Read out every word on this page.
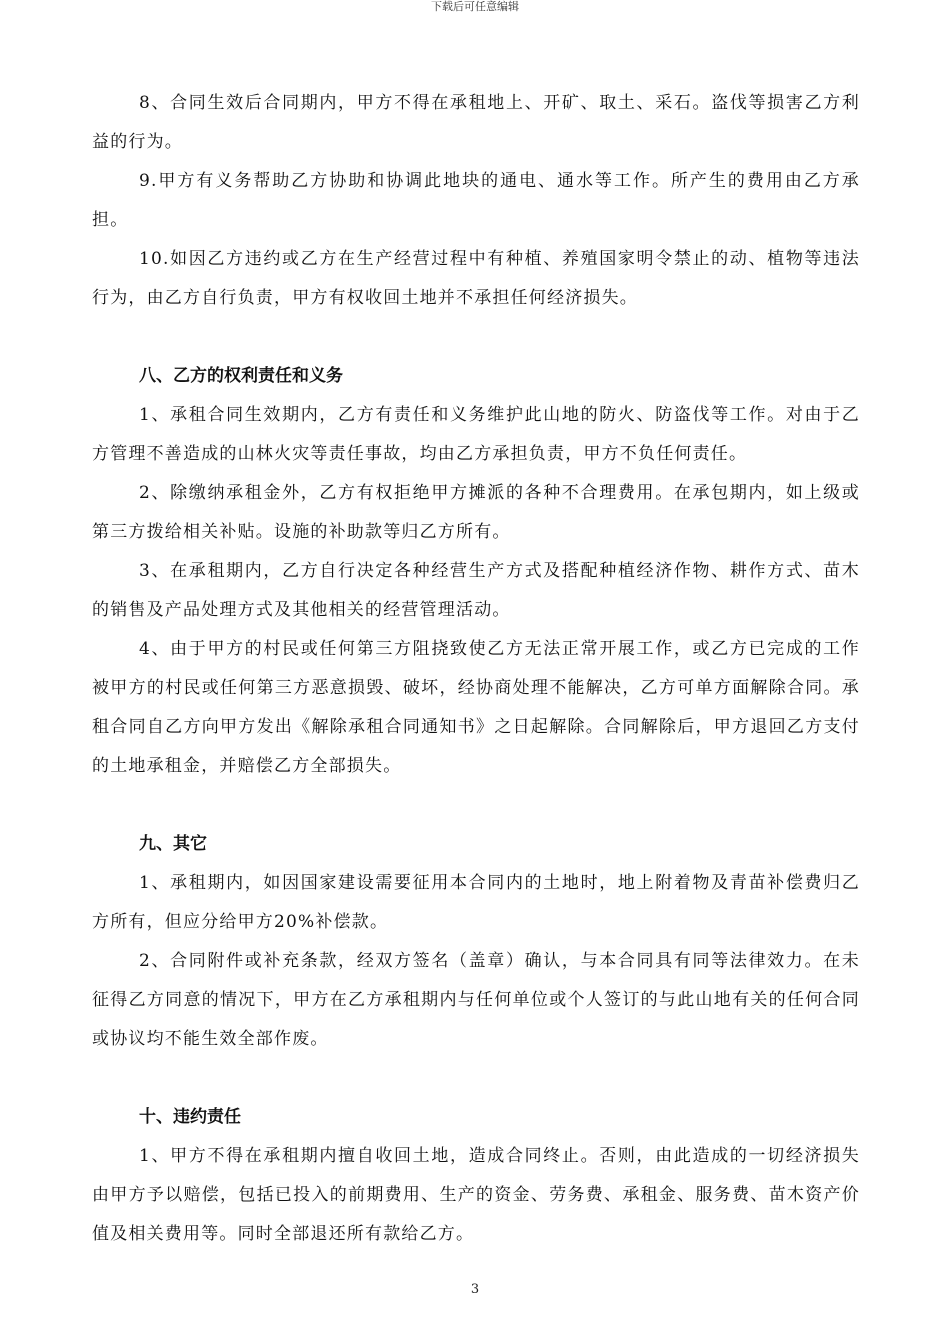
下载后可任意编辑

8、合同生效后合同期内，甲方不得在承租地上、开矿、取土、采石。盗伐等损害乙方利益的行为。

9.甲方有义务帮助乙方协助和协调此地块的通电、通水等工作。所产生的费用由乙方承担。

10.如因乙方违约或乙方在生产经营过程中有种植、养殖国家明令禁止的动、植物等违法行为，由乙方自行负责，甲方有权收回土地并不承担任何经济损失。

八、乙方的权利责任和义务

1、承租合同生效期内，乙方有责任和义务维护此山地的防火、防盗伐等工作。对由于乙方管理不善造成的山林火灾等责任事故，均由乙方承担负责，甲方不负任何责任。

2、除缴纳承租金外，乙方有权拒绝甲方摊派的各种不合理费用。在承包期内，如上级或第三方拨给相关补贴。设施的补助款等归乙方所有。

3、在承租期内，乙方自行决定各种经营生产方式及搭配种植经济作物、耕作方式、苗木的销售及产品处理方式及其他相关的经营管理活动。

4、由于甲方的村民或任何第三方阻挠致使乙方无法正常开展工作，或乙方已完成的工作被甲方的村民或任何第三方恶意损毁、破坏，经协商处理不能解决，乙方可单方面解除合同。承租合同自乙方向甲方发出《解除承租合同通知书》之日起解除。合同解除后，甲方退回乙方支付的土地承租金，并赔偿乙方全部损失。

九、其它

1、承租期内，如因国家建设需要征用本合同内的土地时，地上附着物及青苗补偿费归乙方所有，但应分给甲方20%补偿款。

2、合同附件或补充条款，经双方签名（盖章）确认，与本合同具有同等法律效力。在未征得乙方同意的情况下，甲方在乙方承租期内与任何单位或个人签订的与此山地有关的任何合同或协议均不能生效全部作废。

十、违约责任

1、甲方不得在承租期内擅自收回土地，造成合同终止。否则，由此造成的一切经济损失由甲方予以赔偿，包括已投入的前期费用、生产的资金、劳务费、承租金、服务费、苗木资产价值及相关费用等。同时全部退还所有款给乙方。

3
